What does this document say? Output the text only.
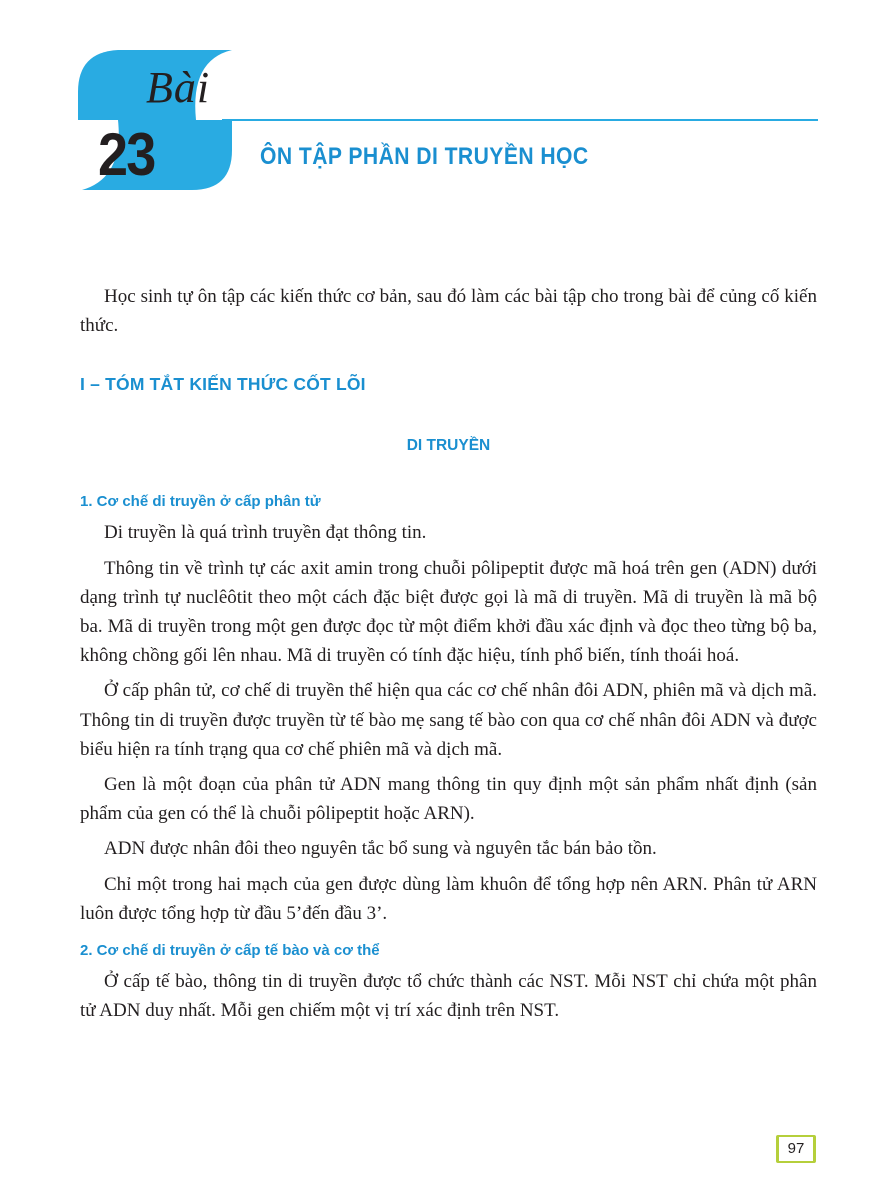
Bài
23	ÔN TẬP PHẦN DI TRUYỀN HỌC

Học sinh tự ôn tập các kiến thức cơ bản, sau đó làm các bài tập cho trong bài để củng cố kiến thức.

I – TÓM TẮT KIẾN THỨC CỐT LÕI
DI TRUYỀN
1. Cơ chế di truyền ở cấp phân tử

Di truyền là quá trình truyền đạt thông tin.

Thông tin về trình tự các axit amin trong chuỗi pôlipeptit được mã hoá trên gen (ADN) dưới dạng trình tự nuclêôtit theo một cách đặc biệt được gọi là mã di truyền. Mã di truyền là mã bộ ba. Mã di truyền trong một gen được đọc từ một điểm khởi đầu xác định và đọc theo từng bộ ba, không chồng gối lên nhau. Mã di truyền có tính đặc hiệu, tính phổ biến, tính thoái hoá.

Ở cấp phân tử, cơ chế di truyền thể hiện qua các cơ chế nhân đôi ADN, phiên mã và dịch mã. Thông tin di truyền được truyền từ tế bào mẹ sang tế bào con qua cơ chế nhân đôi ADN và được biểu hiện ra tính trạng qua cơ chế phiên mã và dịch mã.

Gen là một đoạn của phân tử ADN mang thông tin quy định một sản phẩm nhất định (sản phẩm của gen có thể là chuỗi pôlipeptit hoặc ARN).

ADN được nhân đôi theo nguyên tắc bổ sung và nguyên tắc bán bảo tồn.

Chỉ một trong hai mạch của gen được dùng làm khuôn để tổng hợp nên ARN. Phân tử ARN luôn được tổng hợp từ đầu 5’đến đầu 3’.

2. Cơ chế di truyền ở cấp tế bào và cơ thể

Ở cấp tế bào, thông tin di truyền được tổ chức thành các NST. Mỗi NST chỉ chứa một phân tử ADN duy nhất. Mỗi gen chiếm một vị trí xác định trên NST.

97
